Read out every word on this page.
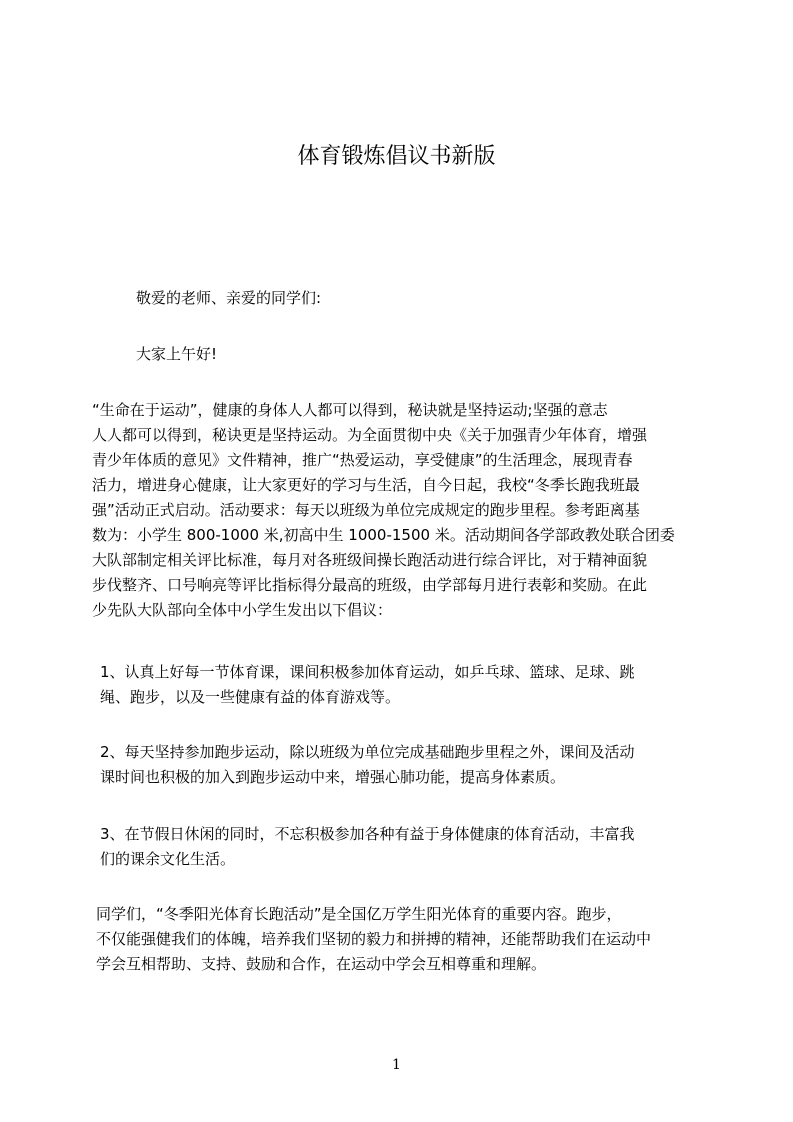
体育锻炼倡议书新版

敬爱的老师、亲爱的同学们:

大家上午好!

“生命在于运动”，健康的身体人人都可以得到，秘诀就是坚持运动;坚强的意志
人人都可以得到，秘诀更是坚持运动。为全面贯彻中央《关于加强青少年体育，增强
青少年体质的意见》文件精神，推广“热爱运动，享受健康”的生活理念，展现青春
活力，增进身心健康，让大家更好的学习与生活，自今日起，我校“冬季长跑我班最
强”活动正式启动。活动要求：每天以班级为单位完成规定的跑步里程。参考距离基
数为：小学生 800-1000 米,初高中生 1000-1500 米。活动期间各学部政教处联合团委
大队部制定相关评比标准，每月对各班级间操长跑活动进行综合评比，对于精神面貌
步伐整齐、口号响亮等评比指标得分最高的班级，由学部每月进行表彰和奖励。在此
少先队大队部向全体中小学生发出以下倡议：

1、认真上好每一节体育课，课间积极参加体育运动，如乒乓球、篮球、足球、跳
绳、跑步，以及一些健康有益的体育游戏等。

2、每天坚持参加跑步运动，除以班级为单位完成基础跑步里程之外，课间及活动
课时间也积极的加入到跑步运动中来，增强心肺功能，提高身体素质。

3、在节假日休闲的同时，不忘积极参加各种有益于身体健康的体育活动，丰富我
们的课余文化生活。

同学们，“冬季阳光体育长跑活动”是全国亿万学生阳光体育的重要内容。跑步，
不仅能强健我们的体魄，培养我们坚韧的毅力和拼搏的精神，还能帮助我们在运动中
学会互相帮助、支持、鼓励和合作，在运动中学会互相尊重和理解。

1
